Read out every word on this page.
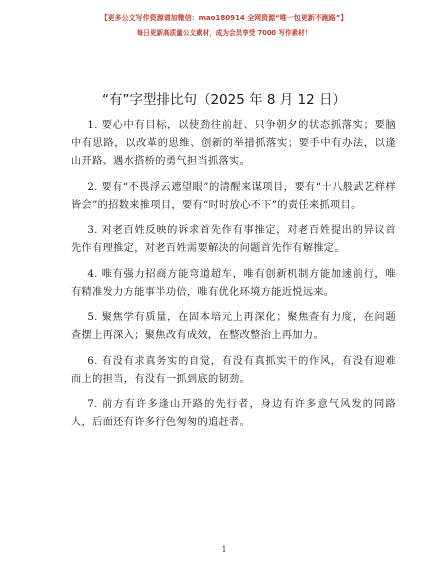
【更多公文写作资源请加微信：mao180914 全网资源“唯一包更新不跑路”】
每日更新高质量公文素材，成为会员享受 7000 写作素材！
“有”字型排比句（2025 年 8 月 12 日）

1. 要心中有目标，以使劲往前赶、只争朝夕的状态抓落实；要脑中有思路，以改革的思维、创新的举措抓落实；要手中有办法，以逢山开路、遇水搭桥的勇气担当抓落实。

2. 要有“不畏浮云遮望眼”的清醒来谋项目，要有“十八般武艺样样皆会”的招数来推项目，要有“时时放心不下”的责任来抓项目。

3. 对老百姓反映的诉求首先作有事推定，对老百姓提出的异议首先作有理推定，对老百姓需要解决的问题首先作有解推定。

4. 唯有强力招商方能弯道超车，唯有创新机制方能加速前行，唯有精准发力方能事半功倍，唯有优化环境方能近悦远来。

5. 聚焦学有质量，在固本培元上再深化；聚焦查有力度，在问题查摆上再深入；聚焦改有成效，在整改整治上再加力。

6. 有没有求真务实的自觉，有没有真抓实干的作风，有没有迎难而上的担当，有没有一抓到底的韧劲。

7. 前方有许多逢山开路的先行者，身边有许多意气风发的同路人，后面还有许多行色匆匆的追赶者。

1
